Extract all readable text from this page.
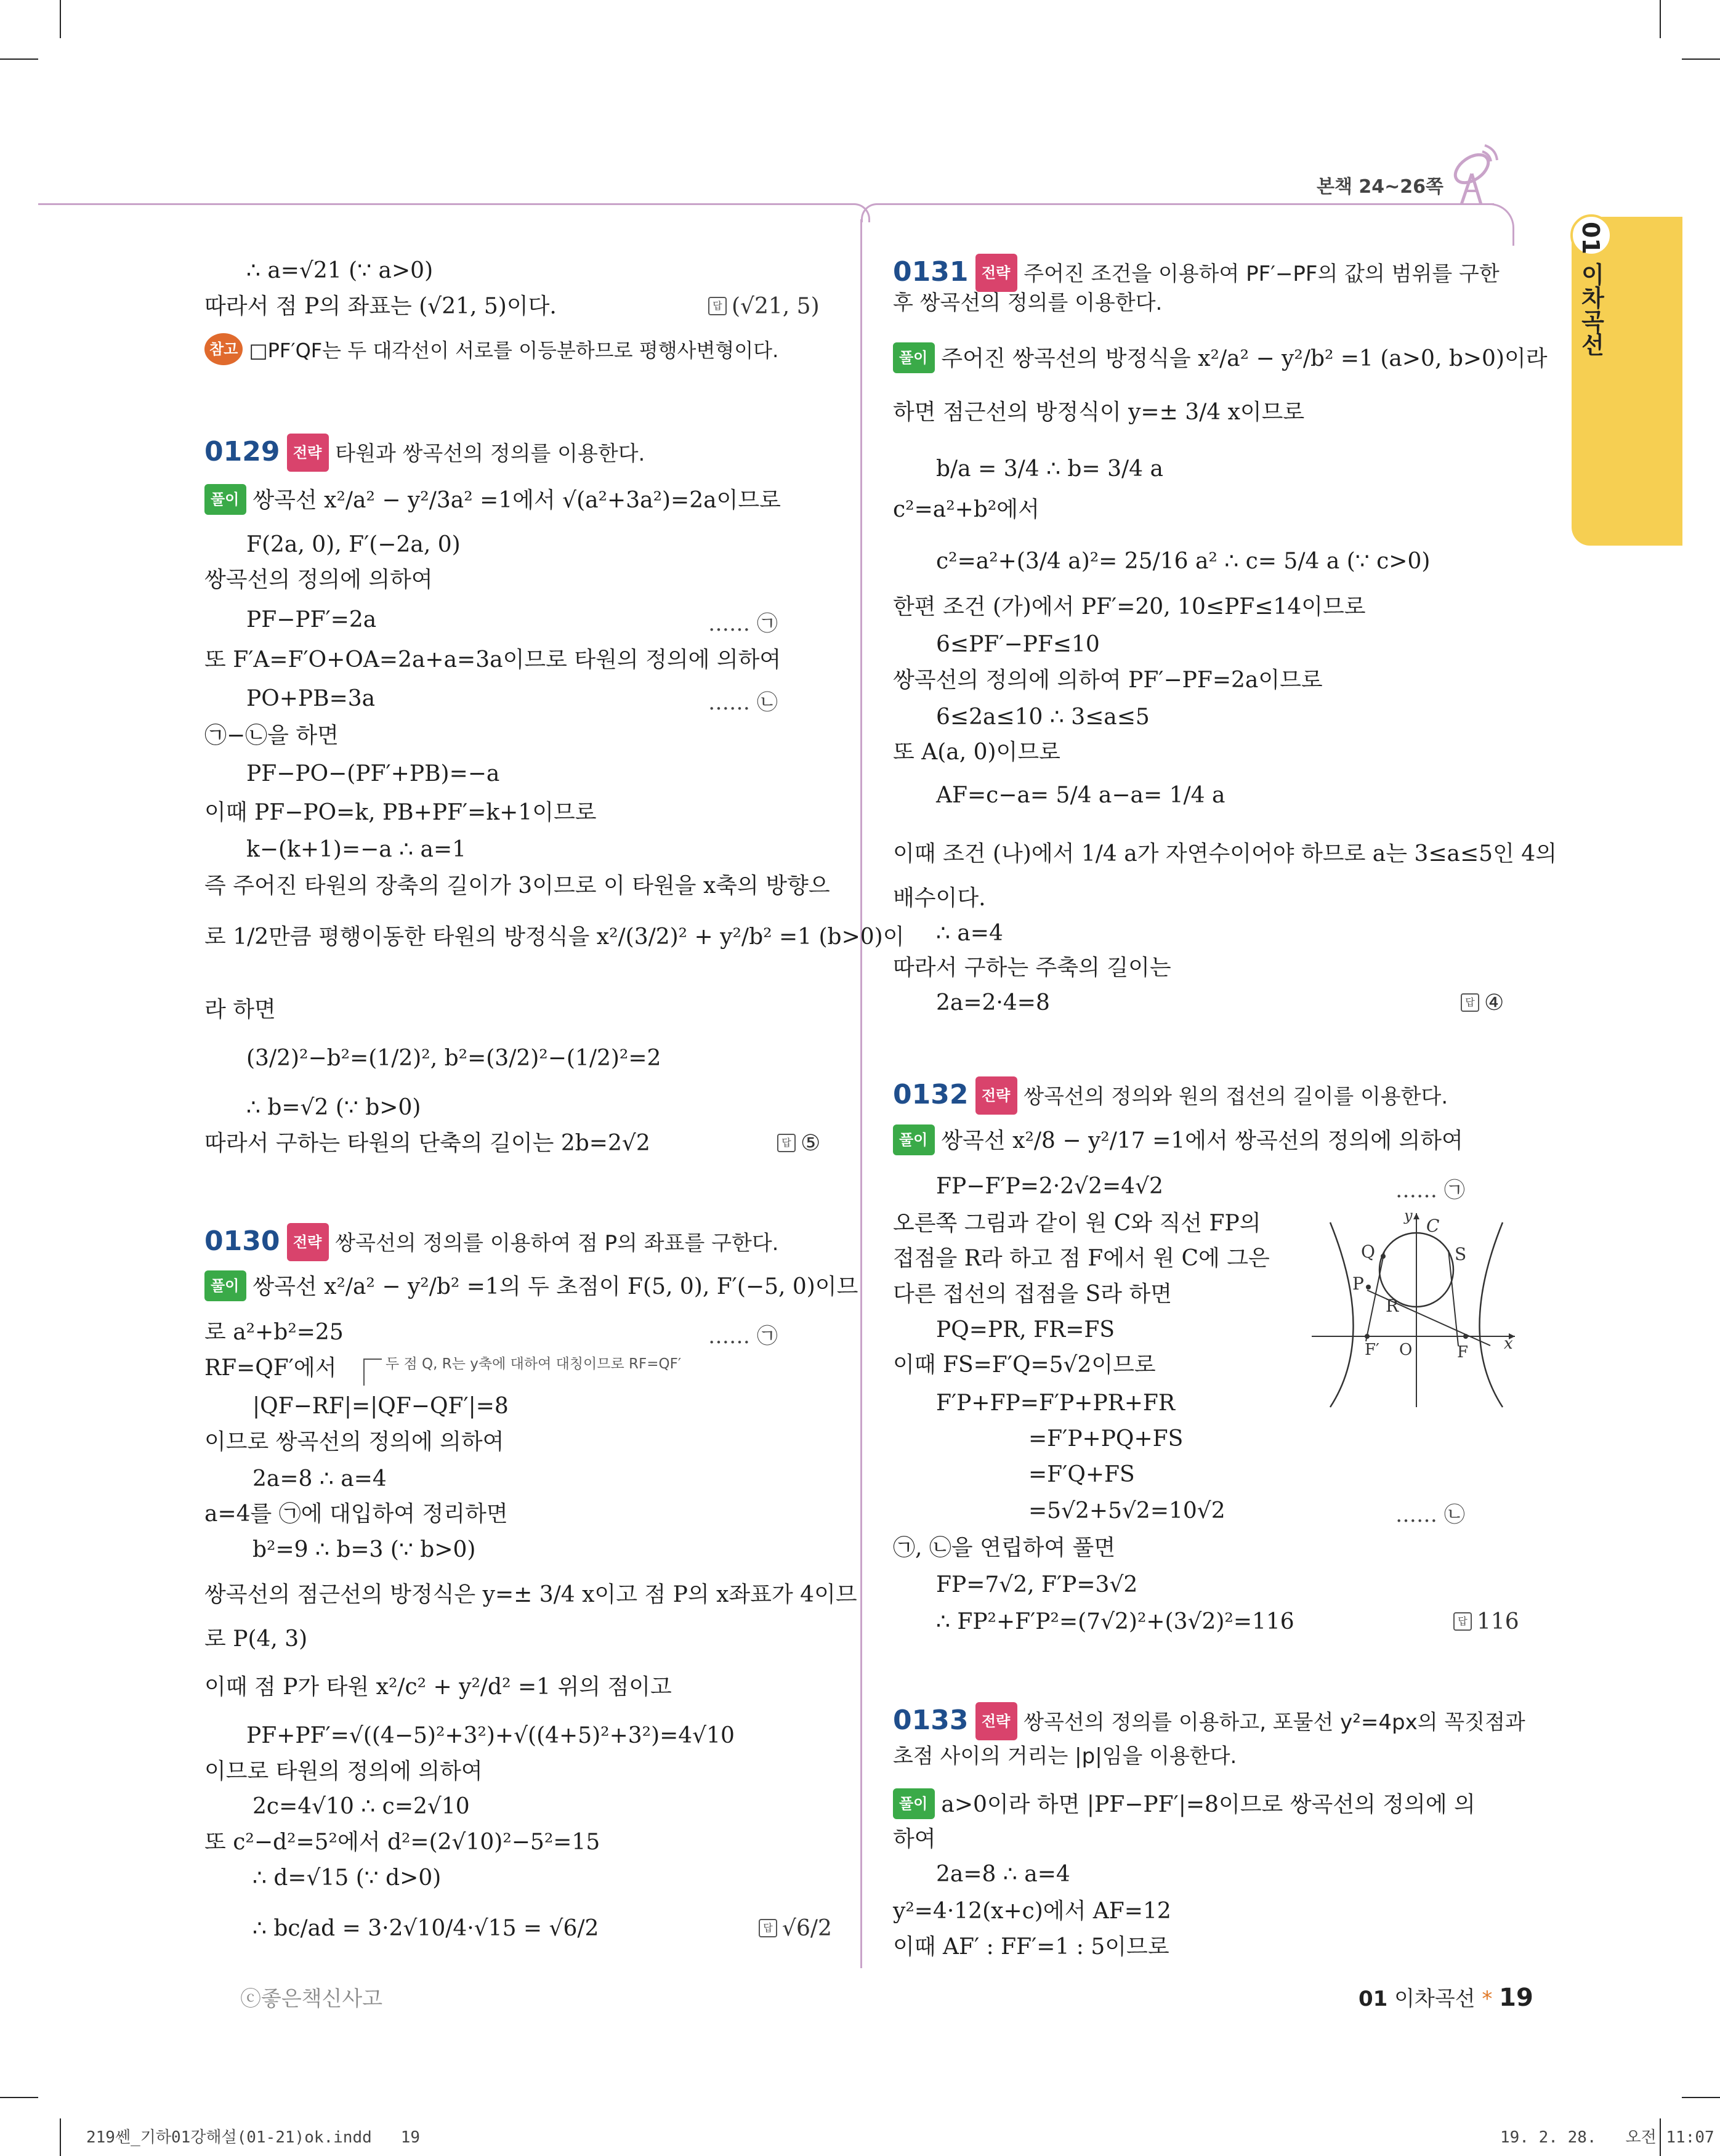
본책 24~26쪽
01 이차곡선
∴ a=√21 (∵ a>0)
따라서 점 P의 좌표는 (√21, 5)이다.	답 (√21, 5)
참고 □PF′QF는 두 대각선이 서로를 이등분하므로 평행사변형이다.
0129 전략 타원과 쌍곡선의 정의를 이용한다.
풀이 쌍곡선 x²/a² − y²/3a² =1에서 √(a²+3a²)=2a이므로
F(2a, 0), F′(−2a, 0)
쌍곡선의 정의에 의하여
PF−PF′=2a	…… ㉠
또 F′A=F′O+OA=2a+a=3a이므로 타원의 정의에 의하여
PO+PB=3a	…… ㉡
㉠−㉡을 하면
PF−PO−(PF′+PB)=−a
이때 PF−PO=k, PB+PF′=k+1이므로
k−(k+1)=−a ∴ a=1
즉 주어진 타원의 장축의 길이가 3이므로 이 타원을 x축의 방향으
로 1/2만큼 평행이동한 타원의 방정식을 x²/(3/2)² + y²/b² =1 (b>0)이
라 하면
(3/2)²−b²=(1/2)², b²=(3/2)²−(1/2)²=2
∴ b=√2 (∵ b>0)
따라서 구하는 타원의 단축의 길이는 2b=2√2	답 ⑤
0130 전략 쌍곡선의 정의를 이용하여 점 P의 좌표를 구한다.
풀이 쌍곡선 x²/a² − y²/b² =1의 두 초점이 F(5, 0), F′(−5, 0)이므
로 a²+b²=25	…… ㉠
RF=QF′에서	두 점 Q, R는 y축에 대하여 대칭이므로 RF=QF′
|QF−RF|=|QF−QF′|=8
이므로 쌍곡선의 정의에 의하여
2a=8 ∴ a=4
a=4를 ㉠에 대입하여 정리하면
b²=9 ∴ b=3 (∵ b>0)
쌍곡선의 점근선의 방정식은 y=± 3/4 x이고 점 P의 x좌표가 4이므
로 P(4, 3)
이때 점 P가 타원 x²/c² + y²/d² =1 위의 점이고
PF+PF′=√((4−5)²+3²)+√((4+5)²+3²)=4√10
이므로 타원의 정의에 의하여
2c=4√10 ∴ c=2√10
또 c²−d²=5²에서 d²=(2√10)²−5²=15
∴ d=√15 (∵ d>0)
∴ bc/ad = 3·2√10/4·√15 = √6/2	답 √6/2
0131 전략 주어진 조건을 이용하여 PF′−PF의 값의 범위를 구한
후 쌍곡선의 정의를 이용한다.
풀이 주어진 쌍곡선의 방정식을 x²/a² − y²/b² =1 (a>0, b>0)이라
하면 점근선의 방정식이 y=± 3/4 x이므로
b/a = 3/4 ∴ b= 3/4 a
c²=a²+b²에서
c²=a²+(3/4 a)²= 25/16 a² ∴ c= 5/4 a (∵ c>0)
한편 조건 (가)에서 PF′=20, 10≤PF≤14이므로
6≤PF′−PF≤10
쌍곡선의 정의에 의하여 PF′−PF=2a이므로
6≤2a≤10 ∴ 3≤a≤5
또 A(a, 0)이므로
AF=c−a= 5/4 a−a= 1/4 a
이때 조건 (나)에서 1/4 a가 자연수이어야 하므로 a는 3≤a≤5인 4의
배수이다.
∴ a=4
따라서 구하는 주축의 길이는
2a=2·4=8	답 ④
0132 전략 쌍곡선의 정의와 원의 접선의 길이를 이용한다.
풀이 쌍곡선 x²/8 − y²/17 =1에서 쌍곡선의 정의에 의하여
FP−F′P=2·2√2=4√2	…… ㉠
오른쪽 그림과 같이 원 C와 직선 FP의
접점을 R라 하고 점 F에서 원 C에 그은
다른 접선의 접점을 S라 하면
PQ=PR, FR=FS
이때 FS=F′Q=5√2이므로
F′P+FP=F′P+PR+FR
=F′P+PQ+FS
=F′Q+FS
=5√2+5√2=10√2	…… ㉡
㉠, ㉡을 연립하여 풀면
FP=7√2, F′P=3√2
∴ FP²+F′P²=(7√2)²+(3√2)²=116	답 116
y C
Q	S
P
R
F′ O	F x
0133 전략 쌍곡선의 정의를 이용하고, 포물선 y²=4px의 꼭짓점과
초점 사이의 거리는 |p|임을 이용한다.
풀이 a>0이라 하면 |PF−PF′|=8이므로 쌍곡선의 정의에 의
하여
2a=8 ∴ a=4
y²=4·12(x+c)에서 AF=12
이때 AF′ : FF′=1 : 5이므로
ⓒ좋은책신사고	01 이차곡선 * 19
219쎈_기하01강해설(01-21)ok.indd   19	19. 2. 28.   오전 11:07
